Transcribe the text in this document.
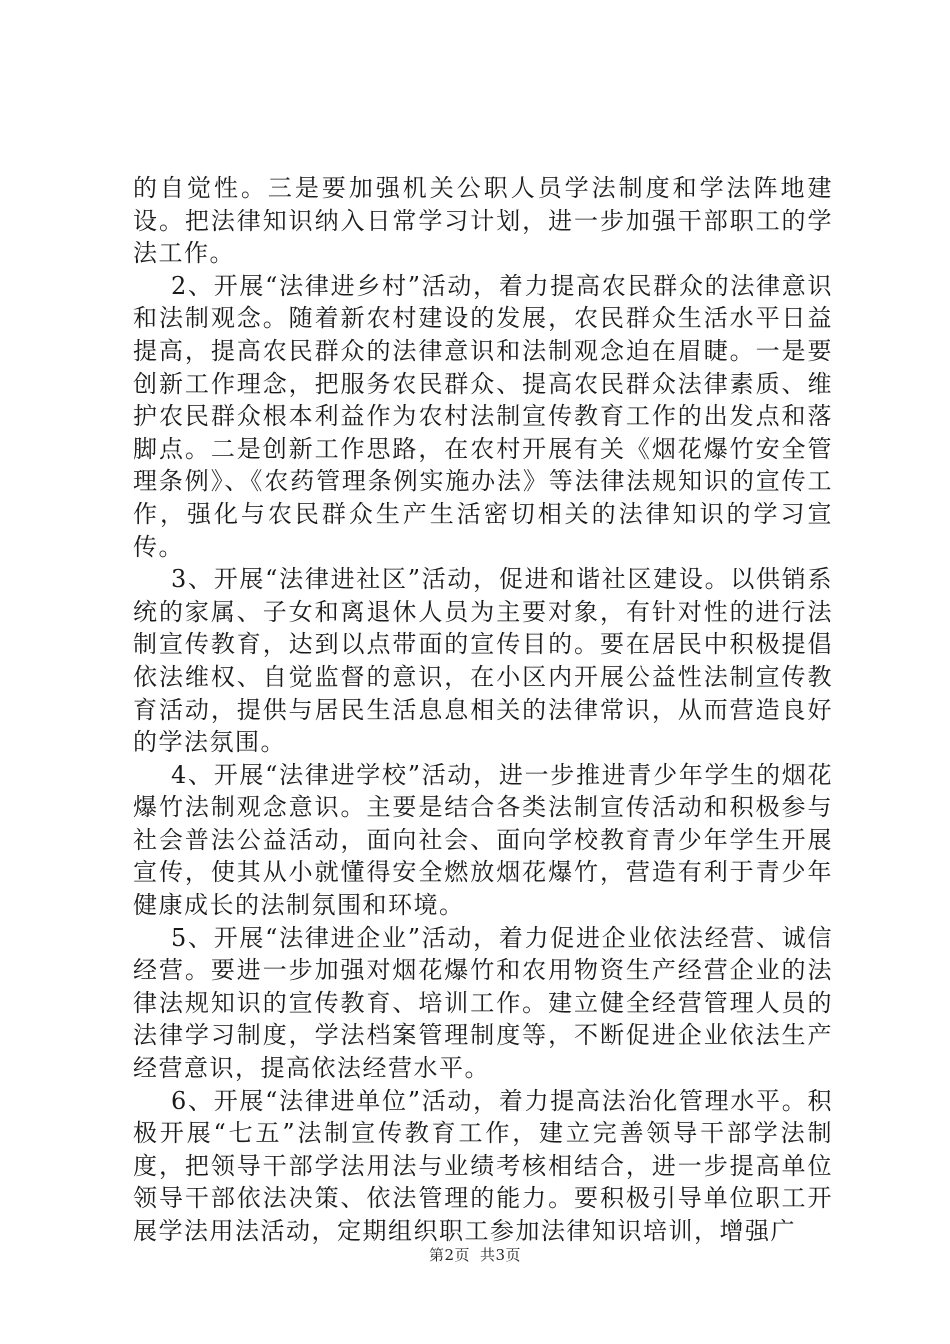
的自觉性。三是要加强机关公职人员学法制度和学法阵地建设。把法律知识纳入日常学习计划，进一步加强干部职工的学法工作。

2、开展“法律进乡村”活动，着力提高农民群众的法律意识和法制观念。随着新农村建设的发展，农民群众生活水平日益提高，提高农民群众的法律意识和法制观念迫在眉睫。一是要创新工作理念，把服务农民群众、提高农民群众法律素质、维护农民群众根本利益作为农村法制宣传教育工作的出发点和落脚点。二是创新工作思路，在农村开展有关《烟花爆竹安全管理条例》、《农药管理条例实施办法》等法律法规知识的宣传工作，强化与农民群众生产生活密切相关的法律知识的学习宣传。

3、开展“法律进社区”活动，促进和谐社区建设。以供销系统的家属、子女和离退休人员为主要对象，有针对性的进行法制宣传教育，达到以点带面的宣传目的。要在居民中积极提倡依法维权、自觉监督的意识，在小区内开展公益性法制宣传教育活动，提供与居民生活息息相关的法律常识，从而营造良好的学法氛围。

4、开展“法律进学校”活动，进一步推进青少年学生的烟花爆竹法制观念意识。主要是结合各类法制宣传活动和积极参与社会普法公益活动，面向社会、面向学校教育青少年学生开展宣传，使其从小就懂得安全燃放烟花爆竹，营造有利于青少年健康成长的法制氛围和环境。

5、开展“法律进企业”活动，着力促进企业依法经营、诚信经营。要进一步加强对烟花爆竹和农用物资生产经营企业的法律法规知识的宣传教育、培训工作。建立健全经营管理人员的法律学习制度，学法档案管理制度等，不断促进企业依法生产经营意识，提高依法经营水平。

6、开展“法律进单位”活动，着力提高法治化管理水平。积极开展“七五”法制宣传教育工作，建立完善领导干部学法制度，把领导干部学法用法与业绩考核相结合，进一步提高单位领导干部依法决策、依法管理的能力。要积极引导单位职工开展学法用法活动，定期组织职工参加法律知识培训，增强广

第2页 共3页
